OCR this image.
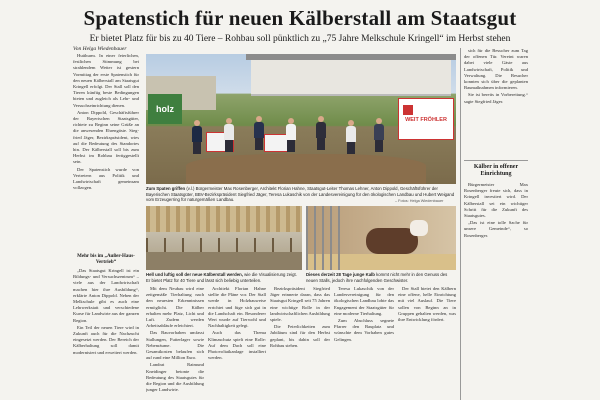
Spatenstich für neuen Kälberstall am Staatsgut
Er bietet Platz für bis zu 40 Tiere – Rohbau soll pünktlich zu „75 Jahre Melkschule Kringell“ im Herbst stehen
Von Helga Wiedenbauer

Hutthurm. In einer feierlichen, festlichen Stimmung bei strahlendem Wetter ist gestern Vormittag der erste Spatenstich für den neuen Kälberstall am Staatsgut Kringell erfolgt. Der Stall soll den Tieren künftig beste Bedingungen bieten und zugleich als Lehr- und Versuchseinrichtung dienen.

Anton Dippold, Geschäftsführer der Bayerischen Staatsgüter, richtete zu Beginn seine Grüße an die anwesenden Ehrengäste. Siegfried Jäger, Bezirkspräsident, wies auf die Bedeutung des Standortes hin. Der Kälberstall soll bis zum Herbst im Rohbau fertiggestellt sein.

Der Spatenstich wurde von Vertretern aus Politik und Landwirtschaft gemeinsam vollzogen.

Mehr bis im „Außer-Haus-Vertrieb“

„Das Staatsgut Kringell ist ein Bildungs- und Versuchszentrum“ – viele aus der Landwirtschaft machen hier ihre Ausbildung“, erklärte Anton Dippold. Neben der Melkschule gibt es auch eine Lehrwerkstatt und verschiedene Kurse für Landwirte aus der ganzen Region.

Ein Teil der neuen Tiere wird in Zukunft auch für die Nachzucht eingesetzt werden. Der Bereich der Kälberhaltung soll damit modernisiert und erweitert werden.

holz
WEIT FRÖHLER
Zum Spaten griffen (v.l.) Bürgermeister Max Rosenberger, Architekt Florian Hahne, Staatsgut-Leiter Thomas Lehner, Anton Dippold, Geschäftsführer der Bayerischen Staatsgüter, BBV-Bezirkspräsident Siegfried Jäger, Teresa Lukaschik von der Landesvereinigung für den ökologischen Landbau und Hubert Weigand vom Erzeugerring für naturgemäßen Landbau.	– Fotos: Helga Wiedenbauer
Hell und luftig soll der neue Kälberstall werden, wie die Visualisierung zeigt. Er bietet Platz für 40 Tiere und lässt sich beliebig unterteilen.
Dieses derzeit 28 Tage junge Kalb kommt nicht mehr in den Genuss des neuen Stalls, jedoch ihre nachfolgenden Geschwister.

Mit dem Neubau wird eine zeitgemäße Tierhaltung nach den neuesten Erkenntnissen ermöglicht. Die Kälber erhalten mehr Platz, Licht und Luft. Zudem werden Arbeitsabläufe erleichtert.

Das Bauvorhaben umfasst Stallungen, Futterlager sowie Nebenräume. Die Gesamtkosten belaufen sich auf rund eine Million Euro.

Landrat Raimund Kneidinger betonte die Bedeutung des Staatsgutes für die Region und die Ausbildung junger Landwirte.

Architekt Florian Hahne stellte die Pläne vor. Der Stall werde in Holzbauweise errichtet und füge sich gut in die Landschaft ein. Besonderer Wert wurde auf Tierwohl und Nachhaltigkeit gelegt.

Auch das Thema Klimaschutz spielt eine Rolle: Auf dem Dach soll eine Photovoltaikanlage installiert werden.

Bezirkspräsident Siegfried Jäger erinnerte daran, dass das Staatsgut Kringell seit 75 Jahren eine wichtige Rolle in der landwirtschaftlichen Ausbildung spiele.

Die Feierlichkeiten zum Jubiläum sind für den Herbst geplant, bis dahin soll der Rohbau stehen.

Teresa Lukaschik von der Landesvereinigung für den ökologischen Landbau lobte das Engagement der Staatsgüter für eine moderne Tierhaltung.

Zum Abschluss segnete Pfarrer den Bauplatz und wünschte dem Vorhaben gutes Gelingen.

Der Stall bietet den Kälbern eine offene, helle Einrichtung mit viel Auslauf. Die Tiere sollen von Beginn an in Gruppen gehalten werden, was ihre Entwicklung fördert.

sich für die Besucher zum Tag der offenen Tür. Vereint waren dabei viele Gäste aus Landwirtschaft, Politik und Verwaltung. Die Besucher konnten sich über die geplanten Baumaßnahmen informieren.

Sie ist bereits in Vorbereitung.“ sagte Siegfried Jäger.

Kälber in offener Einrichtung

Bürgermeister Max Rosenberger freute sich, dass in Kringell investiert wird. Der Kälberstall sei ein wichtiger Schritt für die Zukunft des Staatsgutes.

„Das ist eine tolle Sache für unsere Gemeinde“, so Rosenberger.
